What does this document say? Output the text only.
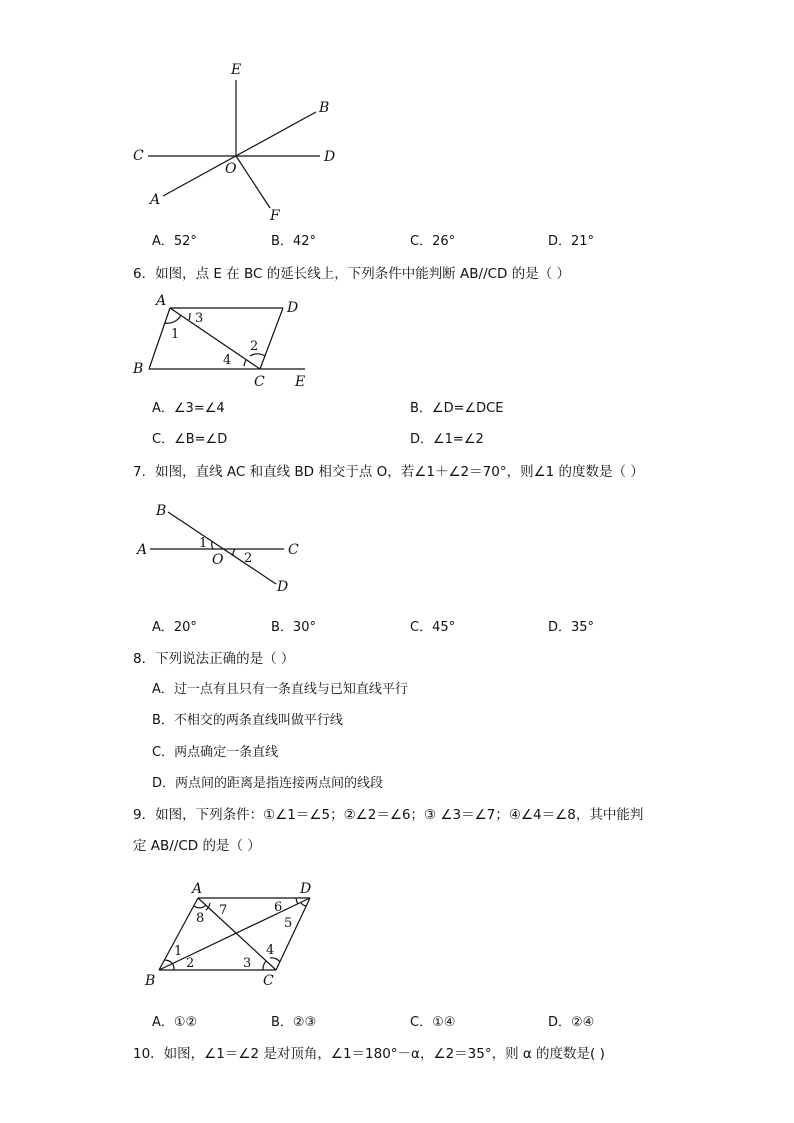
E
B
C
O
D
A
F
A．52°	B．42°	C．26°	D．21°
6．如图，点 E 在 BC 的延长线上，下列条件中能判断 AB//CD 的是（ ）
A	D
B
C E
1
3
2
4
A．∠3=∠4	B．∠D=∠DCE
C．∠B=∠D	D．∠1=∠2
7．如图，直线 AC 和直线 BD 相交于点 O，若∠1＋∠2＝70°，则∠1 的度数是（ ）
B
A	1
O 2
C
D
A．20°	B．30°	C．45°	D．35°
8．下列说法正确的是（ ）
A．过一点有且只有一条直线与已知直线平行
B．不相交的两条直线叫做平行线
C．两点确定一条直线
D．两点间的距离是指连接两点间的线段
9．如图，下列条件：①∠1＝∠5；②∠2＝∠6；③ ∠3＝∠7；④∠4＝∠8，其中能判
定 AB//CD 的是（ ）
A	D
B	C
8
7	6
5
1
2	3
4
A．①②	B．②③	C．①④	D．②④
10．如图，∠1＝∠2 是对顶角，∠1＝180°－α，∠2＝35°，则 α 的度数是( )
